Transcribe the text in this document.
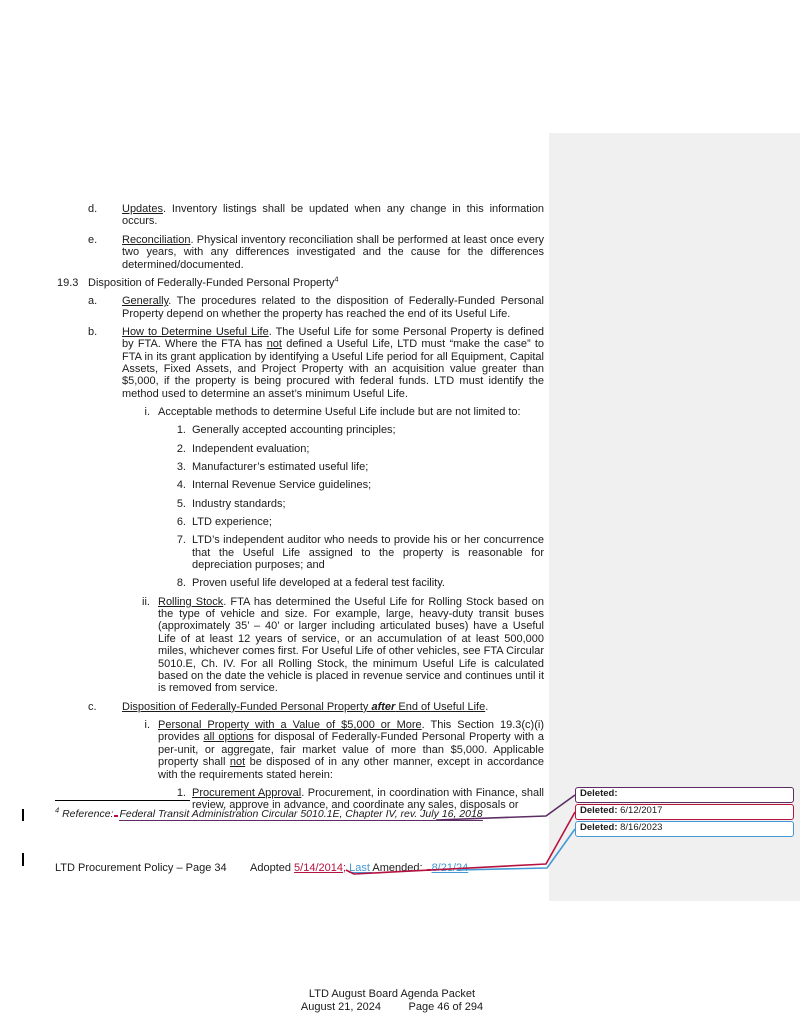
d. Updates. Inventory listings shall be updated when any change in this information occurs.
e. Reconciliation. Physical inventory reconciliation shall be performed at least once every two years, with any differences investigated and the cause for the differences determined/documented.
19.3 Disposition of Federally-Funded Personal Property$^4$
a. Generally. The procedures related to the disposition of Federally-Funded Personal Property depend on whether the property has reached the end of its Useful Life.
b. How to Determine Useful Life. The Useful Life for some Personal Property is defined by FTA. Where the FTA has not defined a Useful Life, LTD must “make the case” to FTA in its grant application by identifying a Useful Life period for all Equipment, Capital Assets, Fixed Assets, and Project Property with an acquisition value greater than $5,000, if the property is being procured with federal funds. LTD must identify the method used to determine an asset’s minimum Useful Life.
i. Acceptable methods to determine Useful Life include but are not limited to:
1. Generally accepted accounting principles;
2. Independent evaluation;
3. Manufacturer’s estimated useful life;
4. Internal Revenue Service guidelines;
5. Industry standards;
6. LTD experience;
7. LTD’s independent auditor who needs to provide his or her concurrence that the Useful Life assigned to the property is reasonable for depreciation purposes; and
8. Proven useful life developed at a federal test facility.
ii. Rolling Stock. FTA has determined the Useful Life for Rolling Stock based on the type of vehicle and size. For example, large, heavy-duty transit buses (approximately 35’ – 40’ or larger including articulated buses) have a Useful Life of at least 12 years of service, or an accumulation of at least 500,000 miles, whichever comes first. For Useful Life of other vehicles, see FTA Circular 5010.E, Ch. IV. For all Rolling Stock, the minimum Useful Life is calculated based on the date the vehicle is placed in revenue service and continues until it is removed from service.
c. Disposition of Federally-Funded Personal Property after End of Useful Life.
i. Personal Property with a Value of $5,000 or More. This Section 19.3(c)(i) provides all options for disposal of Federally-Funded Personal Property with a per-unit, or aggregate, fair market value of more than $5,000. Applicable property shall not be disposed of in any other manner, except in accordance with the requirements stated herein:
1. Procurement Approval. Procurement, in coordination with Finance, shall review, approve in advance, and coordinate any sales, disposals or
$^4$ Reference: Federal Transit Administration Circular 5010.1E, Chapter IV, rev. July 16, 2018
LTD Procurement Policy – Page 34 Adopted 5/14/2014; Last Amended: 8/21/24
Deleted:
Deleted: 6/12/2017
Deleted: 8/16/2023
LTD August Board Agenda Packet
August 21, 2024         Page 46 of 294
